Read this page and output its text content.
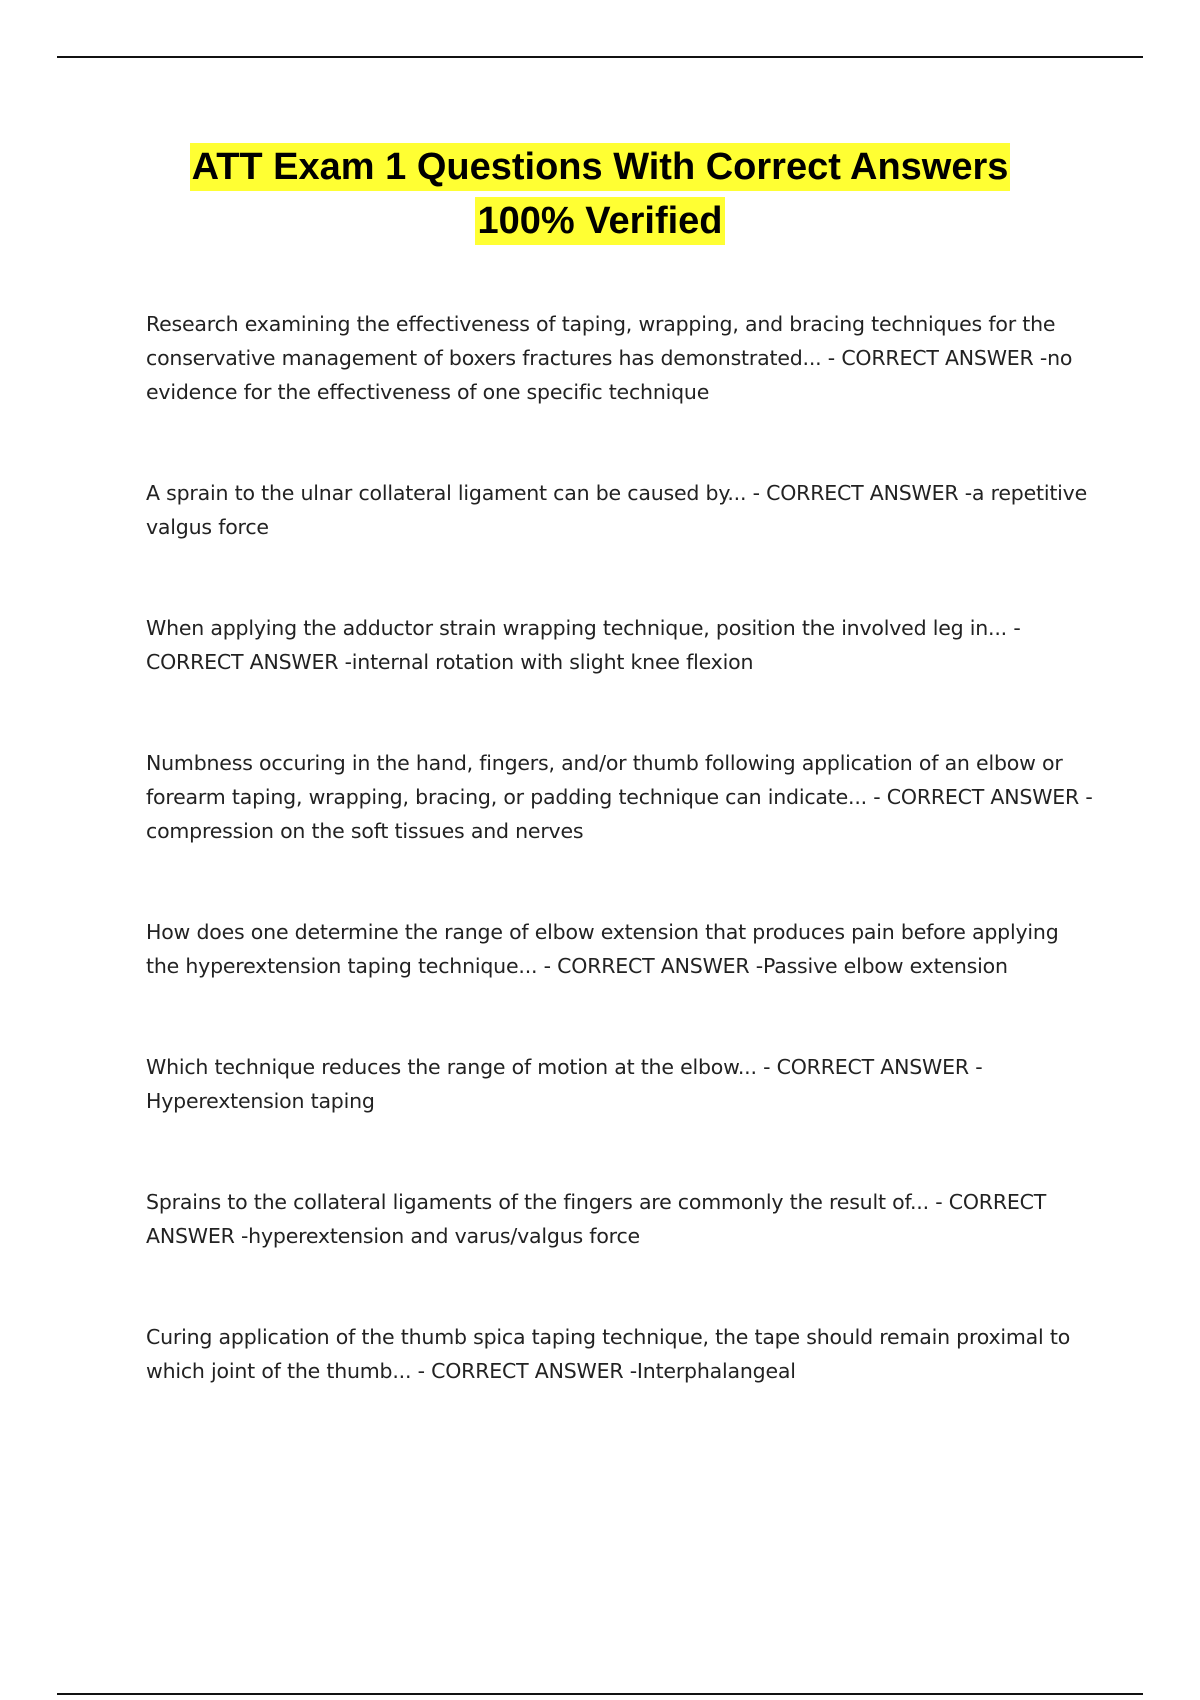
ATT Exam 1 Questions With Correct Answers
100% Verified

Research examining the effectiveness of taping, wrapping, and bracing techniques for the conservative management of boxers fractures has demonstrated... - CORRECT ANSWER -no evidence for the effectiveness of one specific technique

A sprain to the ulnar collateral ligament can be caused by... - CORRECT ANSWER -a repetitive valgus force

When applying the adductor strain wrapping technique, position the involved leg in... - CORRECT ANSWER -internal rotation with slight knee flexion

Numbness occuring in the hand, fingers, and/or thumb following application of an elbow or forearm taping, wrapping, bracing, or padding technique can indicate... - CORRECT ANSWER - compression on the soft tissues and nerves

How does one determine the range of elbow extension that produces pain before applying the hyperextension taping technique... - CORRECT ANSWER -Passive elbow extension

Which technique reduces the range of motion at the elbow... - CORRECT ANSWER - Hyperextension taping

Sprains to the collateral ligaments of the fingers are commonly the result of... - CORRECT ANSWER -hyperextension and varus/valgus force

Curing application of the thumb spica taping technique, the tape should remain proximal to which joint of the thumb... - CORRECT ANSWER -Interphalangeal
